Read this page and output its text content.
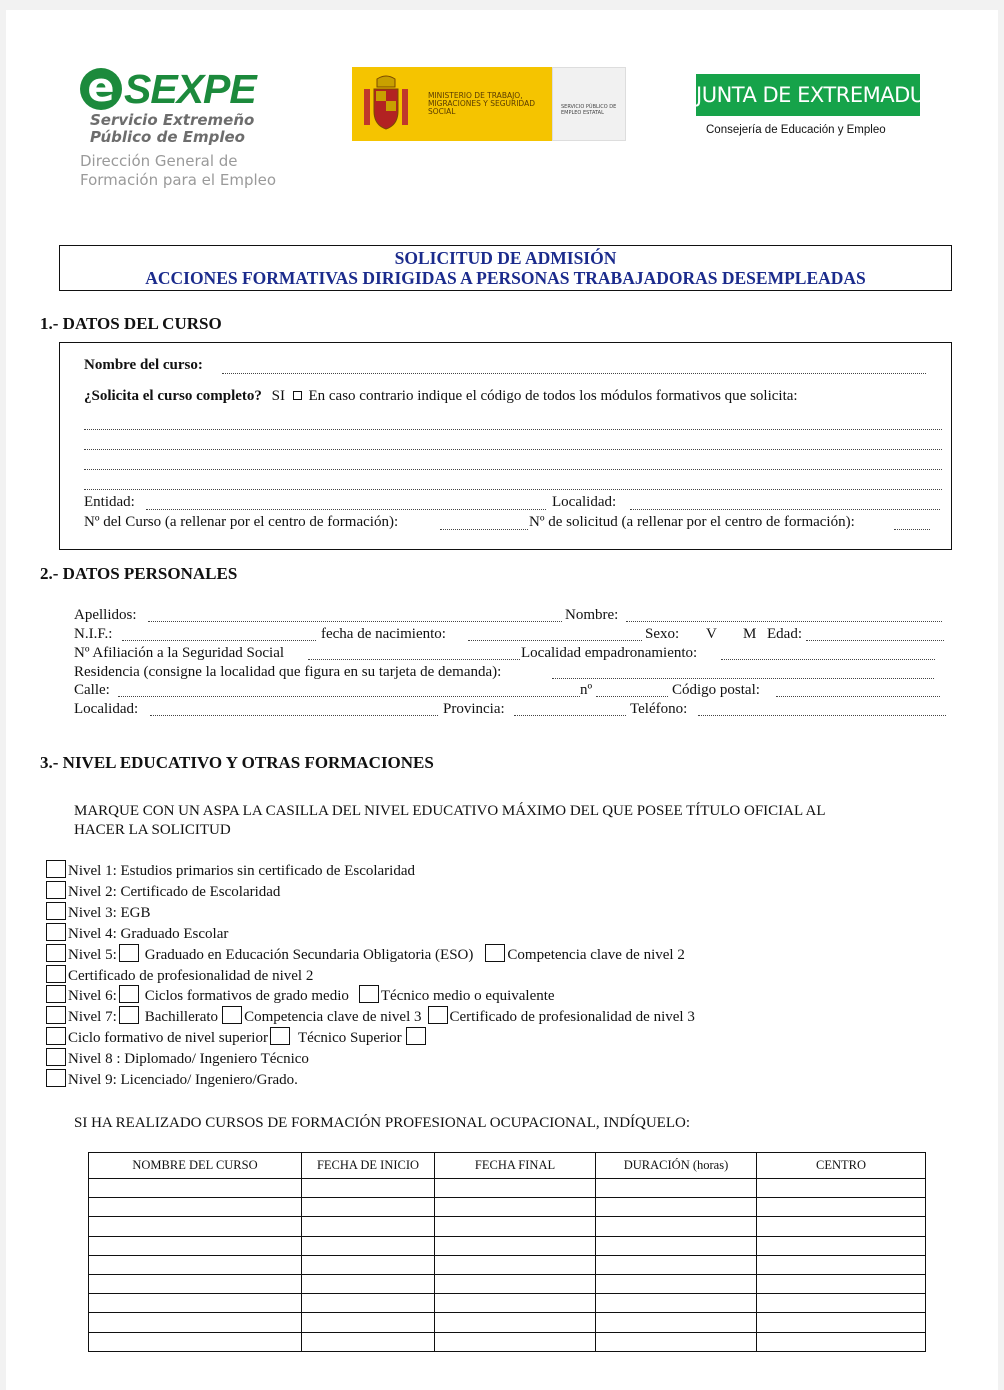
e SEXPE
Servicio Extremeño
Público de Empleo
Dirección General de
Formación para el Empleo
MINISTERIO DE TRABAJO, MIGRACIONES Y SEGURIDAD SOCIAL	SERVICIO PÚBLICO DE EMPLEO ESTATAL
JUNTA DE EXTREMADURA
Consejería de Educación y Empleo
SOLICITUD DE ADMISIÓN
ACCIONES FORMATIVAS DIRIGIDAS A PERSONAS TRABAJADORAS DESEMPLEADAS
1.- DATOS DEL CURSO
Nombre del curso:
¿Solicita el curso completo? SI En caso contrario indique el código de todos los módulos formativos que solicita:
Entidad:	Localidad:
Nº del Curso (a rellenar por el centro de formación):	Nº de solicitud (a rellenar por el centro de formación):
2.- DATOS PERSONALES
Apellidos:	Nombre:
N.I.F.:	fecha de nacimiento:	Sexo: V M Edad:
Nº Afiliación a la Seguridad Social	Localidad empadronamiento:
Residencia (consigne la localidad que figura en su tarjeta de demanda):
Calle:	nº	Código postal:
Localidad:	Provincia:	Teléfono:
3.- NIVEL EDUCATIVO Y OTRAS FORMACIONES
MARQUE CON UN ASPA LA CASILLA DEL NIVEL EDUCATIVO MÁXIMO DEL QUE POSEE TÍTULO OFICIAL AL
HACER LA SOLICITUD
Nivel 1: Estudios primarios sin certificado de Escolaridad
Nivel 2: Certificado de Escolaridad
Nivel 3: EGB
Nivel 4: Graduado Escolar
Nivel 5: Graduado en Educación Secundaria Obligatoria (ESO) Competencia clave de nivel 2
Certificado de profesionalidad de nivel 2
Nivel 6: Ciclos formativos de grado medio Técnico medio o equivalente
Nivel 7: Bachillerato Competencia clave de nivel 3 Certificado de profesionalidad de nivel 3
Ciclo formativo de nivel superior Técnico Superior
Nivel 8 : Diplomado/ Ingeniero Técnico
Nivel 9: Licenciado/ Ingeniero/Grado.
SI HA REALIZADO CURSOS DE FORMACIÓN PROFESIONAL OCUPACIONAL, INDÍQUELO:
NOMBRE DEL CURSO	FECHA DE INICIO	FECHA FINAL	DURACIÓN (horas)	CENTRO
